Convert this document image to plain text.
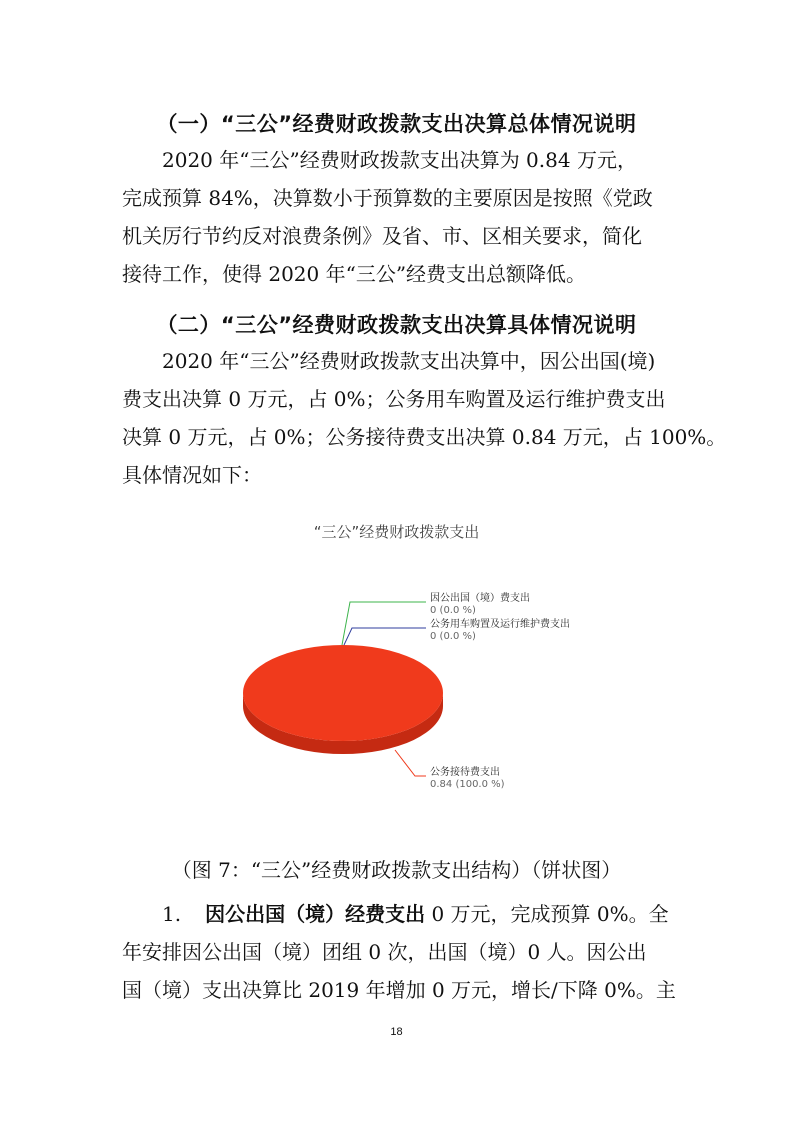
（一）“三公”经费财政拨款支出决算总体情况说明
2020 年“三公”经费财政拨款支出决算为 0.84 万元，
完成预算 84%，决算数小于预算数的主要原因是按照《党政
机关厉行节约反对浪费条例》及省、市、区相关要求，简化
接待工作，使得 2020 年“三公”经费支出总额降低。
（二）“三公”经费财政拨款支出决算具体情况说明
2020 年“三公”经费财政拨款支出决算中，因公出国(境)
费支出决算 0 万元，占 0%；公务用车购置及运行维护费支出
决算 0 万元，占 0%；公务接待费支出决算 0.84 万元，占 100%。
具体情况如下：
“三公”经费财政拨款支出
因公出国（境）费支出
0 (0.0 %)
公务用车购置及运行维护费支出
0 (0.0 %)
公务接待费支出
0.84 (100.0 %)
（图 7：“三公”经费财政拨款支出结构）（饼状图）
1. 因公出国（境）经费支出 0 万元，完成预算 0%。全
年安排因公出国（境）团组 0 次，出国（境）0 人。因公出
国（境）支出决算比 2019 年增加 0 万元，增长/下降 0%。主
18
